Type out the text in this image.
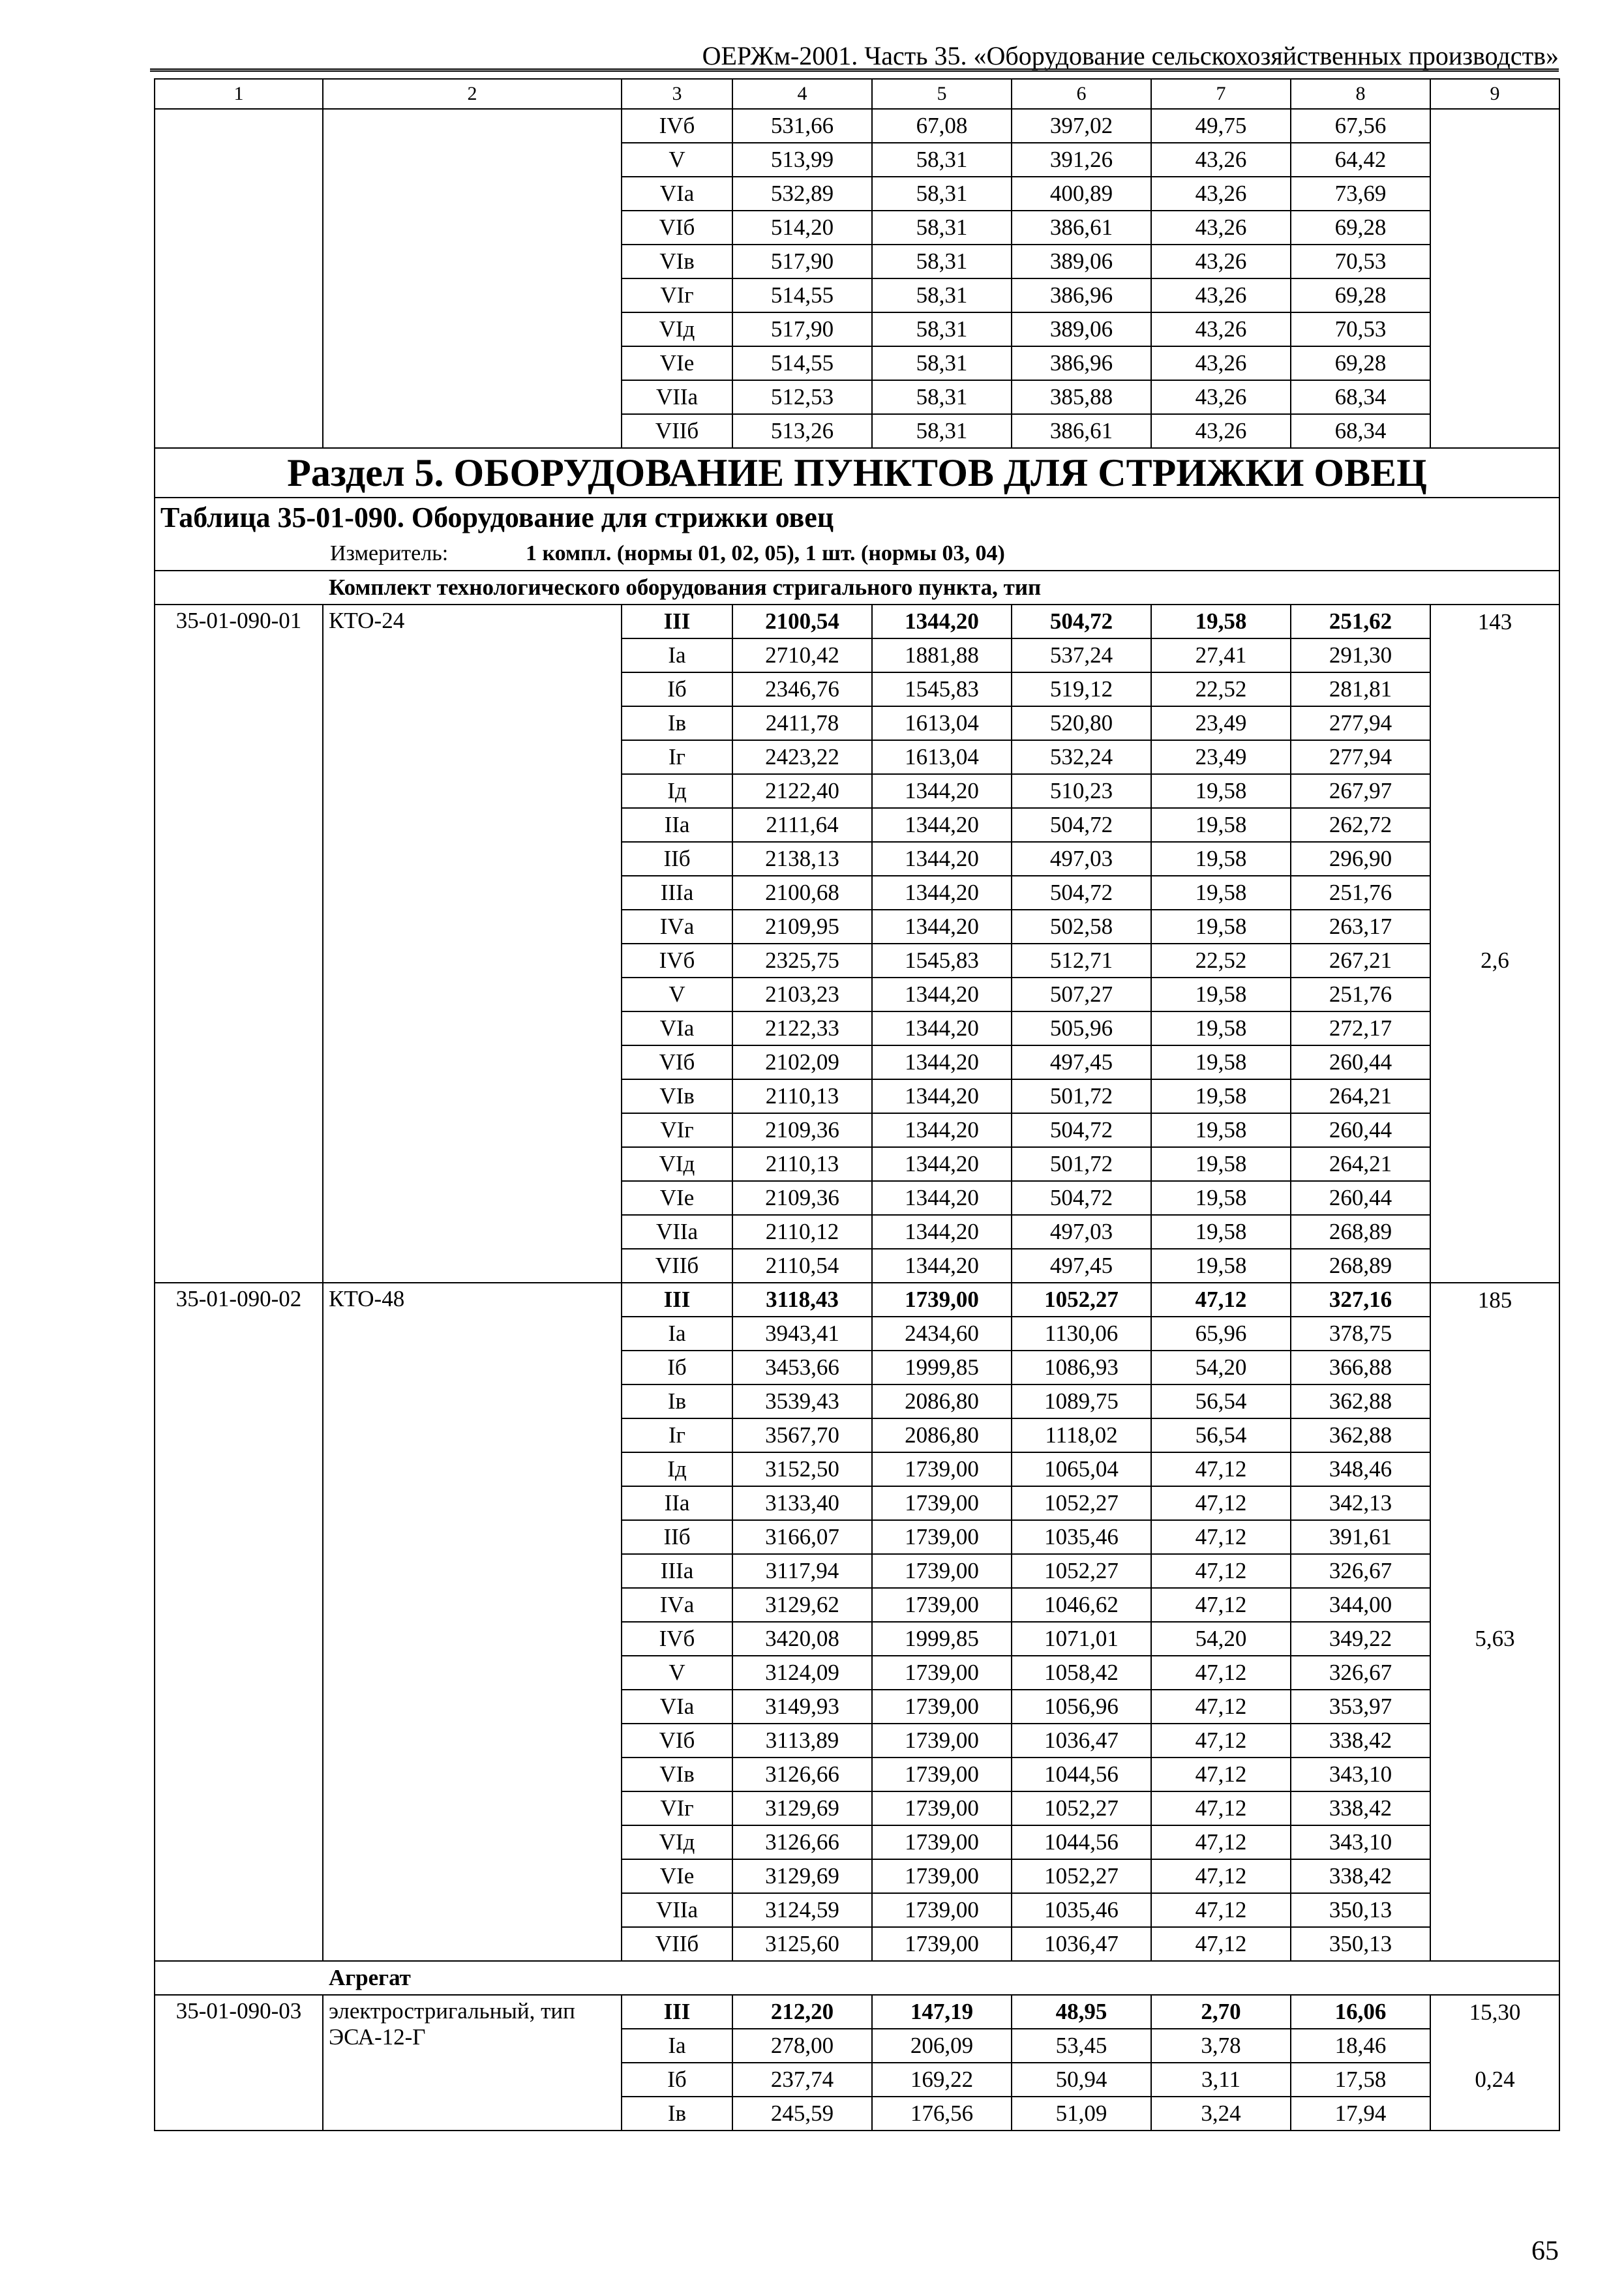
ОЕРЖм-2001. Часть 35. «Оборудование сельскохозяйственных производств»
1	2	3	4	5	6	7	8	9
		IVб	531,66	67,08	397,02	49,75	67,56	
		V	513,99	58,31	391,26	43,26	64,42	
		VIа	532,89	58,31	400,89	43,26	73,69	
		VIб	514,20	58,31	386,61	43,26	69,28	
		VIв	517,90	58,31	389,06	43,26	70,53	
		VIг	514,55	58,31	386,96	43,26	69,28	
		VIд	517,90	58,31	389,06	43,26	70,53	
		VIе	514,55	58,31	386,96	43,26	69,28	
		VIIа	512,53	58,31	385,88	43,26	68,34	
		VIIб	513,26	58,31	386,61	43,26	68,34	
Раздел 5. ОБОРУДОВАНИЕ ПУНКТОВ ДЛЯ СТРИЖКИ ОВЕЦ								
Таблица 35-01-090. Оборудование для стрижки овец								
Измеритель: 1 компл. (нормы 01, 02, 05), 1 шт. (нормы 03, 04)								
Комплект технологического оборудования стригального пункта, тип								
35-01-090-01	КТО-24	III	2100,54	1344,20	504,72	19,58	251,62	143
		Iа	2710,42	1881,88	537,24	27,41	291,30	2,6
		Iб	2346,76	1545,83	519,12	22,52	281,81	
		Iв	2411,78	1613,04	520,80	23,49	277,94	
		Iг	2423,22	1613,04	532,24	23,49	277,94	
		Iд	2122,40	1344,20	510,23	19,58	267,97	
		IIа	2111,64	1344,20	504,72	19,58	262,72	
		IIб	2138,13	1344,20	497,03	19,58	296,90	
		IIIа	2100,68	1344,20	504,72	19,58	251,76	
		IVа	2109,95	1344,20	502,58	19,58	263,17	
		IVб	2325,75	1545,83	512,71	22,52	267,21	
		V	2103,23	1344,20	507,27	19,58	251,76	
		VIа	2122,33	1344,20	505,96	19,58	272,17	
		VIб	2102,09	1344,20	497,45	19,58	260,44	
		VIв	2110,13	1344,20	501,72	19,58	264,21	
		VIг	2109,36	1344,20	504,72	19,58	260,44	
		VIд	2110,13	1344,20	501,72	19,58	264,21	
		VIе	2109,36	1344,20	504,72	19,58	260,44	
		VIIа	2110,12	1344,20	497,03	19,58	268,89	
		VIIб	2110,54	1344,20	497,45	19,58	268,89	
35-01-090-02	КТО-48	III	3118,43	1739,00	1052,27	47,12	327,16	185
		Iа	3943,41	2434,60	1130,06	65,96	378,75	5,63
		Iб	3453,66	1999,85	1086,93	54,20	366,88	
		Iв	3539,43	2086,80	1089,75	56,54	362,88	
		Iг	3567,70	2086,80	1118,02	56,54	362,88	
		Iд	3152,50	1739,00	1065,04	47,12	348,46	
		IIа	3133,40	1739,00	1052,27	47,12	342,13	
		IIб	3166,07	1739,00	1035,46	47,12	391,61	
		IIIа	3117,94	1739,00	1052,27	47,12	326,67	
		IVа	3129,62	1739,00	1046,62	47,12	344,00	
		IVб	3420,08	1999,85	1071,01	54,20	349,22	
		V	3124,09	1739,00	1058,42	47,12	326,67	
		VIа	3149,93	1739,00	1056,96	47,12	353,97	
		VIб	3113,89	1739,00	1036,47	47,12	338,42	
		VIв	3126,66	1739,00	1044,56	47,12	343,10	
		VIг	3129,69	1739,00	1052,27	47,12	338,42	
		VIд	3126,66	1739,00	1044,56	47,12	343,10	
		VIе	3129,69	1739,00	1052,27	47,12	338,42	
		VIIа	3124,59	1739,00	1035,46	47,12	350,13	
		VIIб	3125,60	1739,00	1036,47	47,12	350,13	
Агрегат								
35-01-090-03	электростригальный, тип ЭСА-12-Г	III	212,20	147,19	48,95	2,70	16,06	15,30
		Iа	278,00	206,09	53,45	3,78	18,46	0,24
		Iб	237,74	169,22	50,94	3,11	17,58	
		Iв	245,59	176,56	51,09	3,24	17,94	
65
